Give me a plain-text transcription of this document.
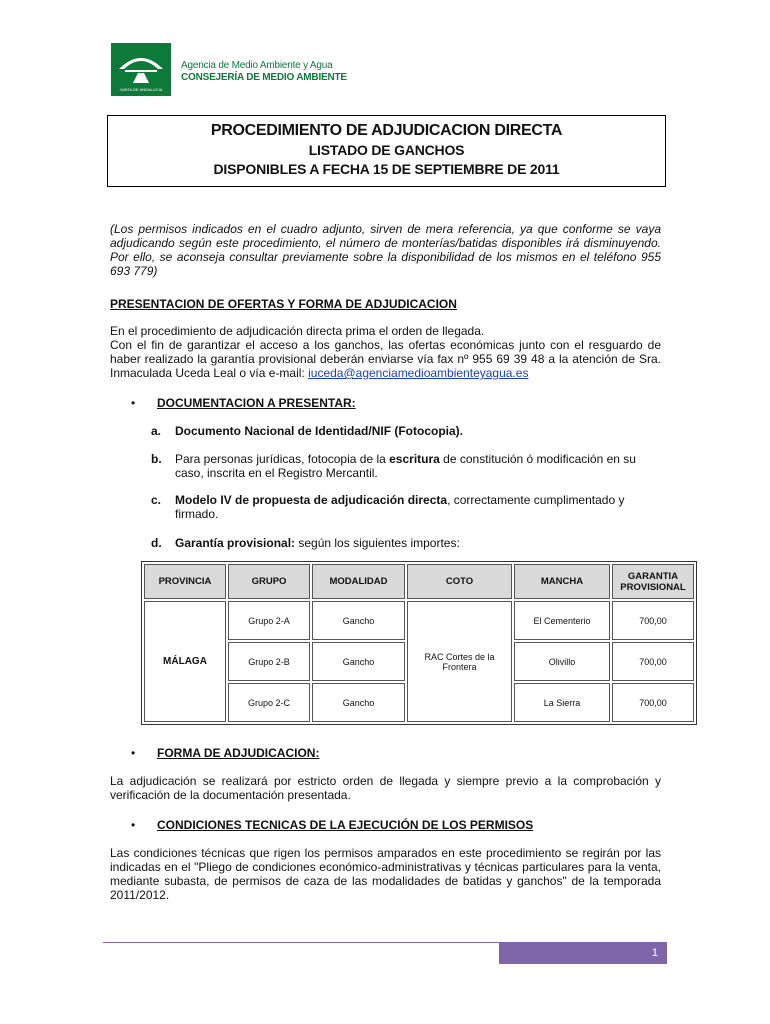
JUNTA DE ANDALUCIA
Agencia de Medio Ambiente y Agua
CONSEJERÍA DE MEDIO AMBIENTE
PROCEDIMIENTO DE ADJUDICACION DIRECTA
LISTADO DE GANCHOS
DISPONIBLES A FECHA 15 DE SEPTIEMBRE DE 2011

(Los permisos indicados en el cuadro adjunto, sirven de mera referencia, ya que conforme se vaya adjudicando según este procedimiento, el número de monterías/batidas disponibles irá disminuyendo. Por ello, se aconseja consultar previamente sobre la disponibilidad de los mismos en el teléfono 955 693 779)

PRESENTACION DE OFERTAS Y FORMA DE ADJUDICACION

En el procedimiento de adjudicación directa prima el orden de llegada.

Con el fin de garantizar el acceso a los ganchos, las ofertas económicas junto con el resguardo de haber realizado la garantía provisional deberán enviarse vía fax nº 955 69 39 48 a la atención de Sra. Inmaculada Uceda Leal o vía e-mail: iuceda@agenciamedioambienteyagua.es

• DOCUMENTACION A PRESENTAR:
a. Documento Nacional de Identidad/NIF (Fotocopia).
b. Para personas jurídicas, fotocopia de la escritura de constitución ó modificación en su caso, inscrita en el Registro Mercantil.
c. Modelo IV de propuesta de adjudicación directa, correctamente cumplimentado y firmado.
d. Garantía provisional: según los siguientes importes:
PROVINCIA	GRUPO	MODALIDAD	COTO	MANCHA	GARANTIA PROVISIONAL
MÁLAGA	Grupo 2-A	Gancho	RAC Cortes de la Frontera	El Cementerio	700,00
	Grupo 2-B	Gancho		Olivillo	700,00
	Grupo 2-C	Gancho		La Sierra	700,00
• FORMA DE ADJUDICACION:

La adjudicación se realizará por estricto orden de llegada y siempre previo a la comprobación y verificación de la documentación presentada.

• CONDICIONES TECNICAS DE LA EJECUCIÓN DE LOS PERMISOS

Las condiciones técnicas que rigen los permisos amparados en este procedimiento se regirán por las indicadas en el "Pliego de condiciones económico-administrativas y técnicas particulares para la venta, mediante subasta, de permisos de caza de las modalidades de batidas y ganchos" de la temporada 2011/2012.

1
